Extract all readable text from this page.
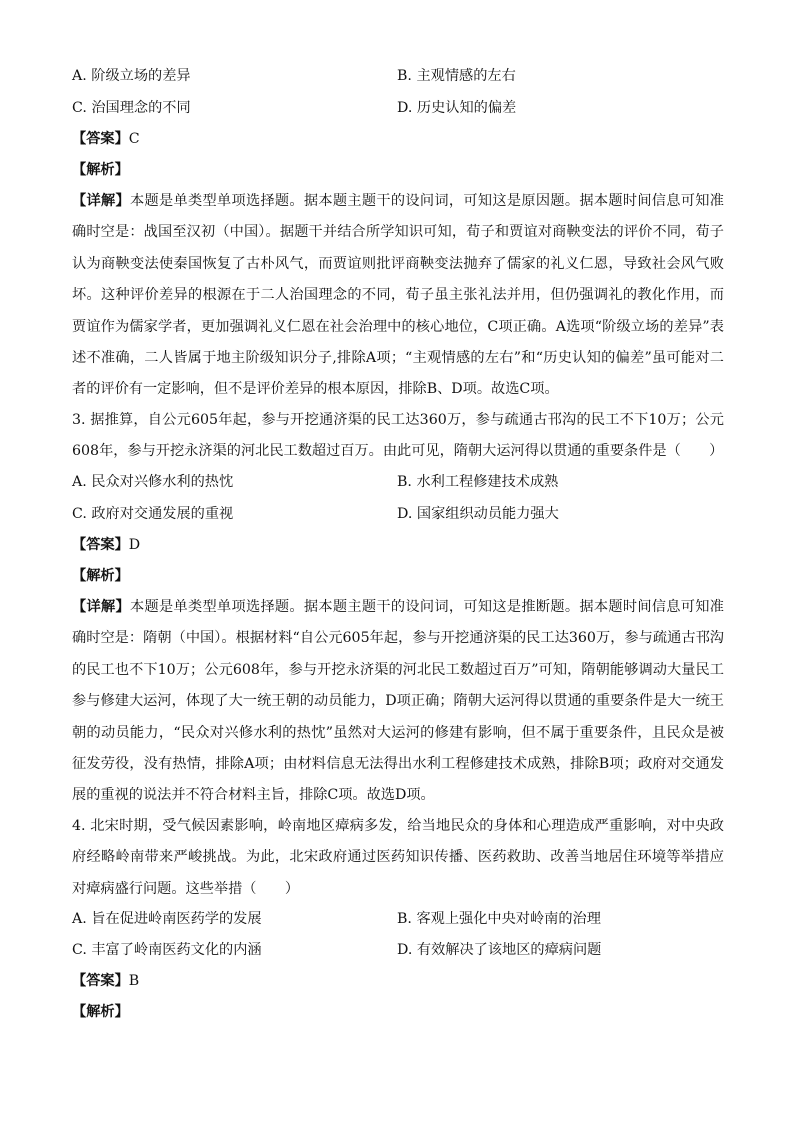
A. 阶级立场的差异	B. 主观情感的左右
C. 治国理念的不同	D. 历史认知的偏差
【答案】C
【解析】
【详解】本题是单类型单项选择题。据本题主题干的设问词，可知这是原因题。据本题时间信息可知准确时空是：战国至汉初（中国）。据题干并结合所学知识可知，荀子和贾谊对商鞅变法的评价不同，荀子认为商鞅变法使秦国恢复了古朴风气，而贾谊则批评商鞅变法抛弃了儒家的礼义仁恩，导致社会风气败坏。这种评价差异的根源在于二人治国理念的不同，荀子虽主张礼法并用，但仍强调礼的教化作用，而贾谊作为儒家学者，更加强调礼义仁恩在社会治理中的核心地位，C项正确。A选项“阶级立场的差异”表述不准确，二人皆属于地主阶级知识分子,排除A项；“主观情感的左右”和“历史认知的偏差”虽可能对二者的评价有一定影响，但不是评价差异的根本原因，排除B、D项。故选C项。
3. 据推算，自公元605年起，参与开挖通济渠的民工达360万，参与疏通古邗沟的民工不下10万；公元608年，参与开挖永济渠的河北民工数超过百万。由此可见，隋朝大运河得以贯通的重要条件是（　　）
A. 民众对兴修水利的热忱	B. 水利工程修建技术成熟
C. 政府对交通发展的重视	D. 国家组织动员能力强大
【答案】D
【解析】
【详解】本题是单类型单项选择题。据本题主题干的设问词，可知这是推断题。据本题时间信息可知准确时空是：隋朝（中国）。根据材料“自公元605年起，参与开挖通济渠的民工达360万，参与疏通古邗沟的民工也不下10万；公元608年，参与开挖永济渠的河北民工数超过百万”可知，隋朝能够调动大量民工参与修建大运河，体现了大一统王朝的动员能力，D项正确；隋朝大运河得以贯通的重要条件是大一统王朝的动员能力，“民众对兴修水利的热忱”虽然对大运河的修建有影响，但不属于重要条件，且民众是被征发劳役，没有热情，排除A项；由材料信息无法得出水利工程修建技术成熟，排除B项；政府对交通发展的重视的说法并不符合材料主旨，排除C项。故选D项。
4. 北宋时期，受气候因素影响，岭南地区瘴病多发，给当地民众的身体和心理造成严重影响，对中央政府经略岭南带来严峻挑战。为此，北宋政府通过医药知识传播、医药救助、改善当地居住环境等举措应对瘴病盛行问题。这些举措（　　）
A. 旨在促进岭南医药学的发展	B. 客观上强化中央对岭南的治理
C. 丰富了岭南医药文化的内涵	D. 有效解决了该地区的瘴病问题
【答案】B
【解析】
